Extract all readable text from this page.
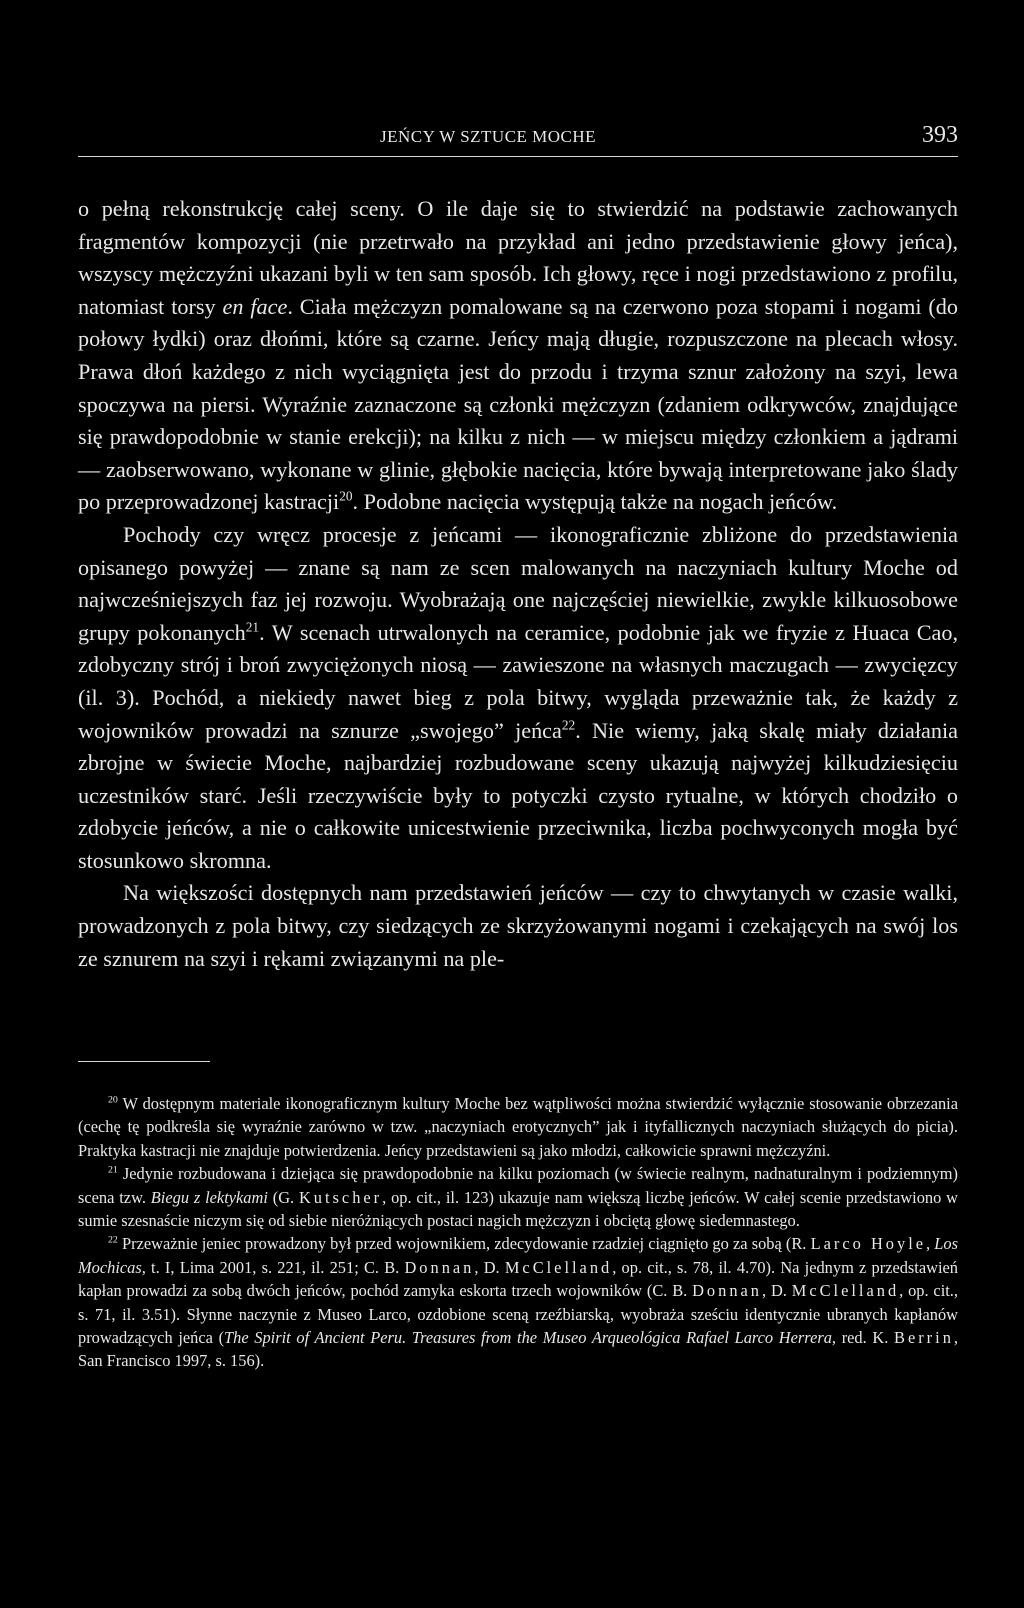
JEŃCY W SZTUCE MOCHE	393

o pełną rekonstrukcję całej sceny. O ile daje się to stwierdzić na podstawie zachowanych fragmentów kompozycji (nie przetrwało na przykład ani jedno przedstawienie głowy jeńca), wszyscy mężczyźni ukazani byli w ten sam sposób. Ich głowy, ręce i nogi przedstawiono z profilu, natomiast torsy en face. Ciała mężczyzn pomalowane są na czerwono poza stopami i nogami (do połowy łydki) oraz dłońmi, które są czarne. Jeńcy mają długie, rozpuszczone na plecach włosy. Prawa dłoń każdego z nich wyciągnięta jest do przodu i trzyma sznur założony na szyi, lewa spoczywa na piersi. Wyraźnie zaznaczone są członki mężczyzn (zdaniem odkrywców, znajdujące się prawdopodobnie w stanie erekcji); na kilku z nich — w miejscu między członkiem a jądrami — zaobserwowano, wykonane w glinie, głębokie nacięcia, które bywają interpretowane jako ślady po przeprowadzonej kastracji$^{20}$. Podobne nacięcia występują także na nogach jeńców.

Pochody czy wręcz procesje z jeńcami — ikonograficznie zbliżone do przedstawienia opisanego powyżej — znane są nam ze scen malowanych na naczyniach kultury Moche od najwcześniejszych faz jej rozwoju. Wyobrażają one najczęściej niewielkie, zwykle kilkuosobowe grupy pokonanych$^{21}$. W scenach utrwalonych na ceramice, podobnie jak we fryzie z Huaca Cao, zdobyczny strój i broń zwyciężonych niosą — zawieszone na własnych maczugach — zwycięzcy (il. 3). Pochód, a niekiedy nawet bieg z pola bitwy, wygląda przeważnie tak, że każdy z wojowników prowadzi na sznurze „swojego” jeńca$^{22}$. Nie wiemy, jaką skalę miały działania zbrojne w świecie Moche, najbardziej rozbudowane sceny ukazują najwyżej kilkudziesięciu uczestników starć. Jeśli rzeczywiście były to potyczki czysto rytualne, w których chodziło o zdobycie jeńców, a nie o całkowite unicestwienie przeciwnika, liczba pochwyconych mogła być stosunkowo skromna.

Na większości dostępnych nam przedstawień jeńców — czy to chwytanych w czasie walki, prowadzonych z pola bitwy, czy siedzących ze skrzyżowanymi nogami i czekających na swój los ze sznurem na szyi i rękami związanymi na ple-

$^{20}$ W dostępnym materiale ikonograficznym kultury Moche bez wątpliwości można stwierdzić wyłącznie stosowanie obrzezania (cechę tę podkreśla się wyraźnie zarówno w tzw. „naczyniach erotycznych” jak i ityfallicznych naczyniach służących do picia). Praktyka kastracji nie znajduje potwierdzenia. Jeńcy przedstawieni są jako młodzi, całkowicie sprawni mężczyźni.

$^{21}$ Jedynie rozbudowana i dziejąca się prawdopodobnie na kilku poziomach (w świecie realnym, nadnaturalnym i podziemnym) scena tzw. Biegu z lektykami (G. Kutscher, op. cit., il. 123) ukazuje nam większą liczbę jeńców. W całej scenie przedstawiono w sumie szesnaście niczym się od siebie nieróżniących postaci nagich mężczyzn i obciętą głowę siedemnastego.

$^{22}$ Przeważnie jeniec prowadzony był przed wojownikiem, zdecydowanie rzadziej ciągnięto go za sobą (R. Larco Hoyle, Los Mochicas, t. I, Lima 2001, s. 221, il. 251; C. B. Donnan, D. McClelland, op. cit., s. 78, il. 4.70). Na jednym z przedstawień kapłan prowadzi za sobą dwóch jeńców, pochód zamyka eskorta trzech wojowników (C. B. Donnan, D. McClelland, op. cit., s. 71, il. 3.51). Słynne naczynie z Museo Larco, ozdobione sceną rzeźbiarską, wyobraża sześciu identycznie ubranych kapłanów prowadzących jeńca (The Spirit of Ancient Peru. Treasures from the Museo Arqueológica Rafael Larco Herrera, red. K. Berrin, San Francisco 1997, s. 156).
